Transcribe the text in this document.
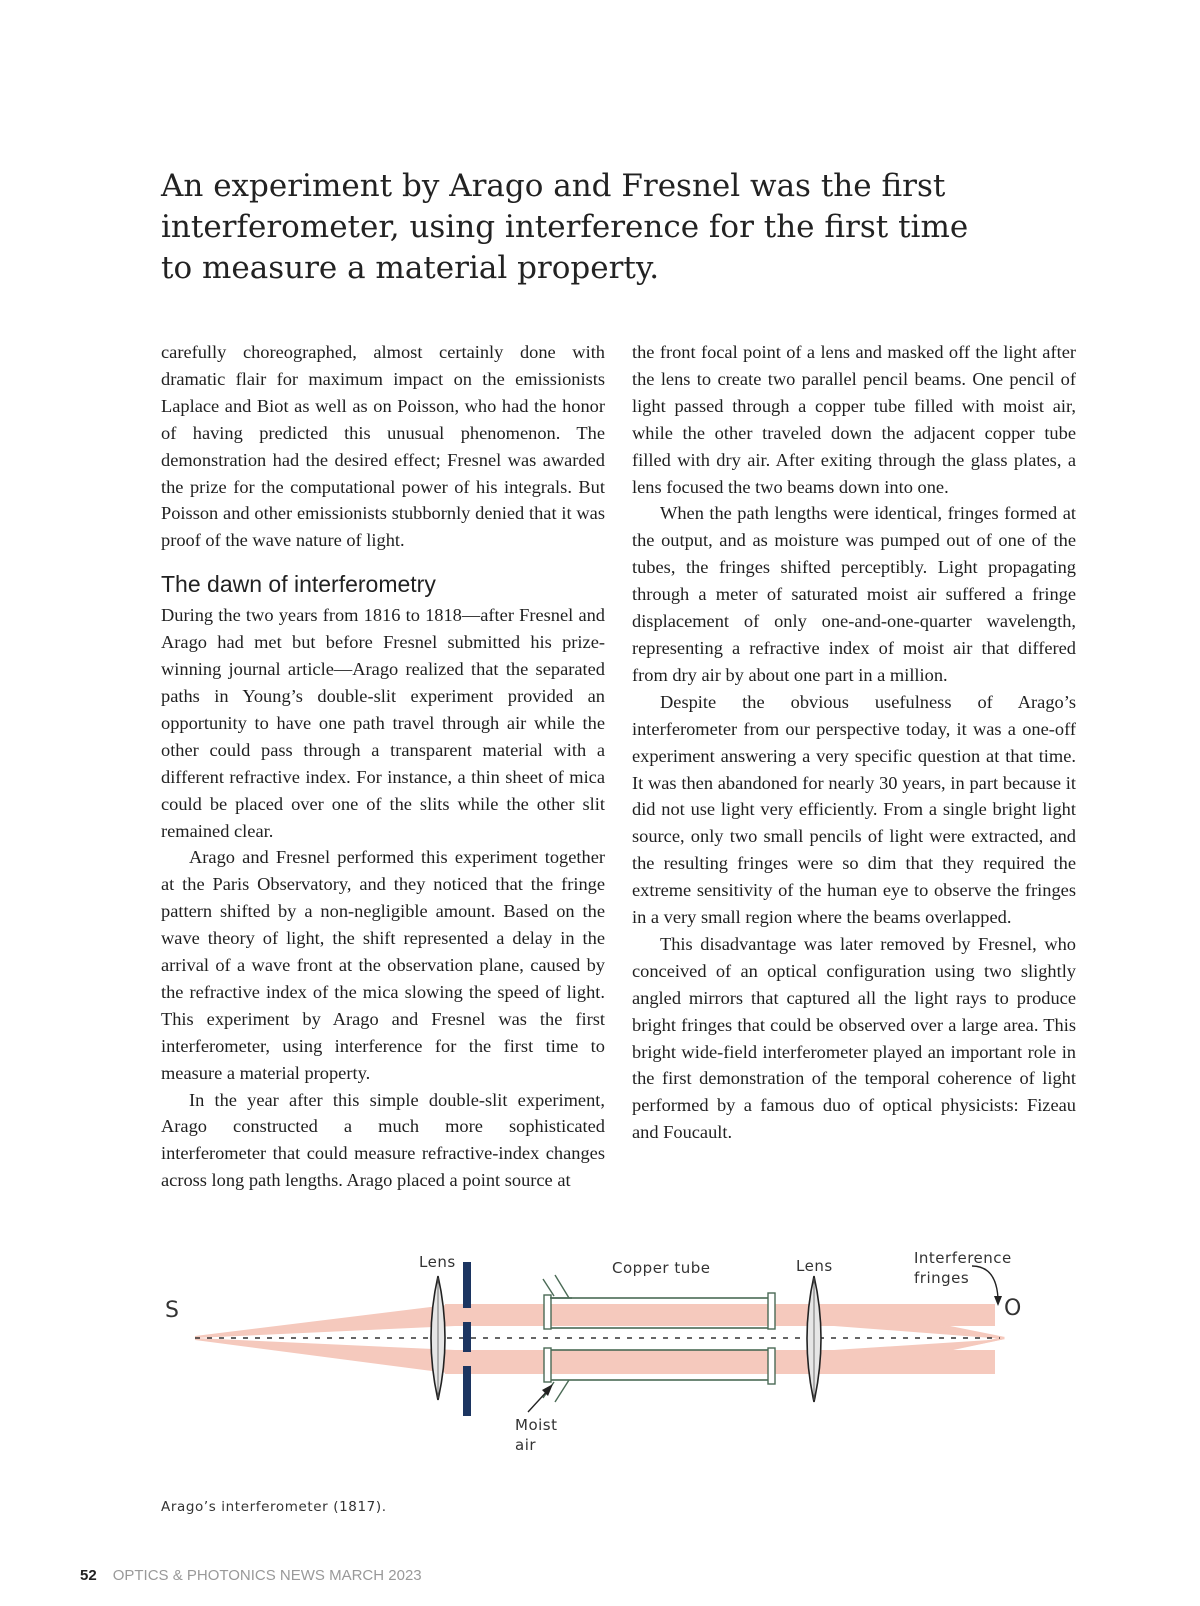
An experiment by Arago and Fresnel was the first interferometer, using interference for the first time to measure a material property.

carefully choreographed, almost certainly done with dramatic flair for maximum impact on the emissionists Laplace and Biot as well as on Poisson, who had the honor of having predicted this unusual phenomenon. The demonstration had the desired effect; Fresnel was awarded the prize for the computational power of his integrals. But Poisson and other emissionists stubbornly denied that it was proof of the wave nature of light.

The dawn of interferometry

During the two years from 1816 to 1818—after Fresnel and Arago had met but before Fresnel submitted his prize-winning journal article—Arago realized that the separated paths in Young’s double-slit experiment provided an opportunity to have one path travel through air while the other could pass through a transparent material with a different refractive index. For instance, a thin sheet of mica could be placed over one of the slits while the other slit remained clear.

Arago and Fresnel performed this experiment together at the Paris Observatory, and they noticed that the fringe pattern shifted by a non-negligible amount. Based on the wave theory of light, the shift represented a delay in the arrival of a wave front at the observation plane, caused by the refractive index of the mica slowing the speed of light. This experiment by Arago and Fresnel was the first interferometer, using interference for the first time to measure a material property.

In the year after this simple double-slit experiment, Arago constructed a much more sophisticated interferometer that could measure refractive-index changes across long path lengths. Arago placed a point source at

the front focal point of a lens and masked off the light after the lens to create two parallel pencil beams. One pencil of light passed through a copper tube filled with moist air, while the other traveled down the adjacent copper tube filled with dry air. After exiting through the glass plates, a lens focused the two beams down into one.

When the path lengths were identical, fringes formed at the output, and as moisture was pumped out of one of the tubes, the fringes shifted perceptibly. Light propagating through a meter of saturated moist air suffered a fringe displacement of only one-and-one-quarter wavelength, representing a refractive index of moist air that differed from dry air by about one part in a million.

Despite the obvious usefulness of Arago’s interferometer from our perspective today, it was a one-off experiment answering a very specific question at that time. It was then abandoned for nearly 30 years, in part because it did not use light very efficiently. From a single bright light source, only two small pencils of light were extracted, and the resulting fringes were so dim that they required the extreme sensitivity of the human eye to observe the fringes in a very small region where the beams overlapped.

This disadvantage was later removed by Fresnel, who conceived of an optical configuration using two slightly angled mirrors that captured all the light rays to produce bright fringes that could be observed over a large area. This bright wide-field interferometer played an important role in the first demonstration of the temporal coherence of light performed by a famous duo of optical physicists: Fizeau and Foucault.

S	O
Lens	Lens
Copper tube
Interference
fringes
Moist
air
Arago’s interferometer (1817).
52 OPTICS & PHOTONICS NEWS MARCH 2023
